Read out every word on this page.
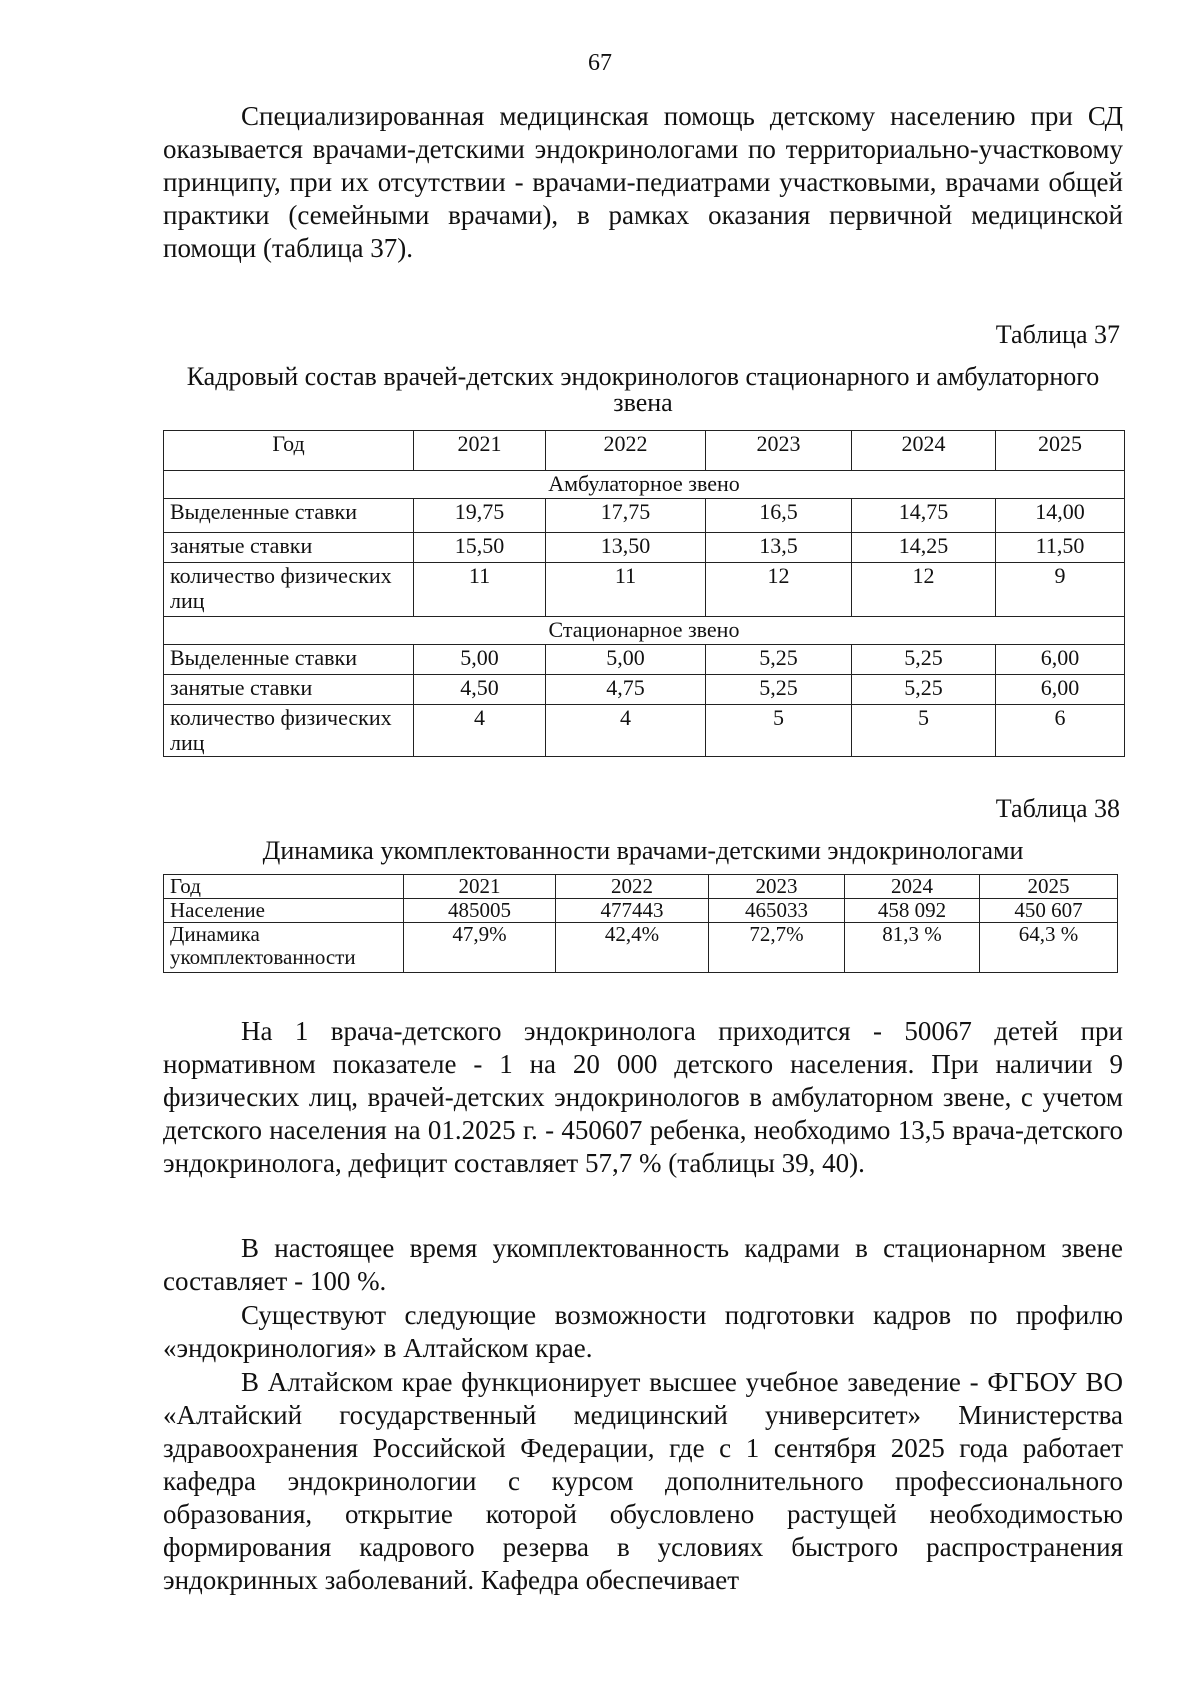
67

Специализированная медицинская помощь детскому населению при СД оказывается врачами-детскими эндокринологами по территориально-участковому принципу, при их отсутствии - врачами-педиатрами участковыми, врачами общей практики (семейными врачами), в рамках оказания первичной медицинской помощи (таблица 37).

Таблица 37
Кадровый состав врачей-детских эндокринологов стационарного и амбулаторного звена
Год	2021	2022	2023	2024	2025
Амбулаторное звено					
Выделенные ставки	19,75	17,75	16,5	14,75	14,00
занятые ставки	15,50	13,50	13,5	14,25	11,50
количество физических лиц	11	11	12	12	9
Стационарное звено					
Выделенные ставки	5,00	5,00	5,25	5,25	6,00
занятые ставки	4,50	4,75	5,25	5,25	6,00
количество физических лиц	4	4	5	5	6
Таблица 38
Динамика укомплектованности врачами-детскими эндокринологами
Год	2021	2022	2023	2024	2025
Население	485005	477443	465033	458 092	450 607
Динамика укомплектованности	47,9%	42,4%	72,7%	81,3 %	64,3 %

На 1 врача-детского эндокринолога приходится - 50067 детей при нормативном показателе - 1 на 20 000 детского населения. При наличии 9 физических лиц, врачей-детских эндокринологов в амбулаторном звене, с учетом детского населения на 01.2025 г. - 450607 ребенка, необходимо 13,5 врача-детского эндокринолога, дефицит составляет 57,7 % (таблицы 39, 40).

В настоящее время укомплектованность кадрами в стационарном звене составляет - 100 %.

Существуют следующие возможности подготовки кадров по профилю «эндокринология» в Алтайском крае.

В Алтайском крае функционирует высшее учебное заведение - ФГБОУ ВО «Алтайский государственный медицинский университет» Министерства здравоохранения Российской Федерации, где с 1 сентября 2025 года работает кафедра эндокринологии с курсом дополнительного профессионального образования, открытие которой обусловлено растущей необходимостью формирования кадрового резерва в условиях быстрого распространения эндокринных заболеваний. Кафедра обеспечивает
